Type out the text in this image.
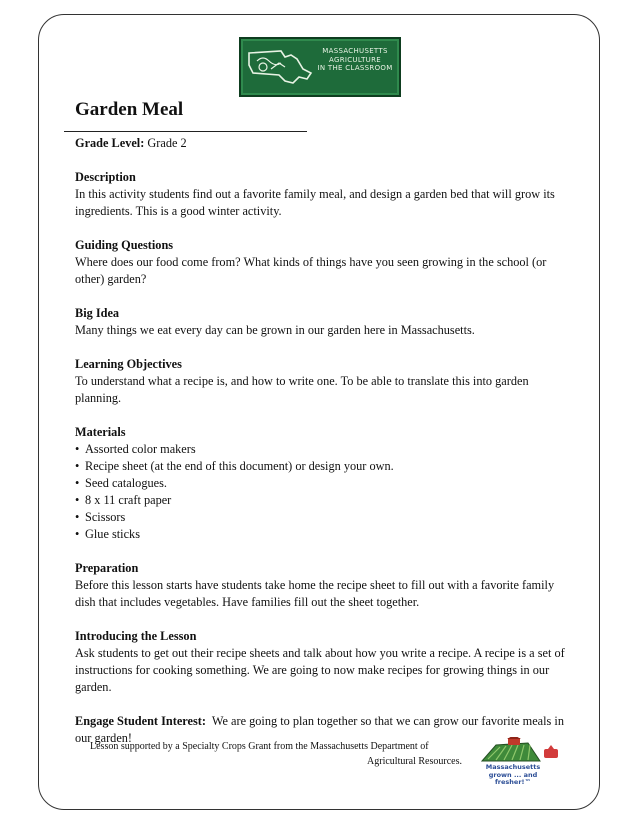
MASSACHUSETTS
AGRICULTURE
IN THE CLASSROOM
Garden Meal

Grade Level: Grade 2

Description
In this activity students find out a favorite family meal, and design a garden bed that will grow its ingredients. This is a good winter activity.

Guiding Questions
Where does our food come from? What kinds of things have you seen growing in the school (or other) garden?

Big Idea
Many things we eat every day can be grown in our garden here in Massachusetts.

Learning Objectives
To understand what a recipe is, and how to write one. To be able to translate this into garden planning.

Materials
• Assorted color makers
• Recipe sheet (at the end of this document) or design your own.
• Seed catalogues.
• 8 x 11 craft paper
• Scissors
• Glue sticks

Preparation
Before this lesson starts have students take home the recipe sheet to fill out with a favorite family dish that includes vegetables. Have families fill out the sheet together.

Introducing the Lesson
Ask students to get out their recipe sheets and talk about how you write a recipe. A recipe is a set of instructions for cooking something. We are going to now make recipes for growing things in our garden.

Engage Student Interest: We are going to plan together so that we can grow our favorite meals in our garden!

Lesson supported by a Specialty Crops Grant from the Massachusetts Department of
Agricultural Resources.	Massachusetts
grown ... and fresher!™
